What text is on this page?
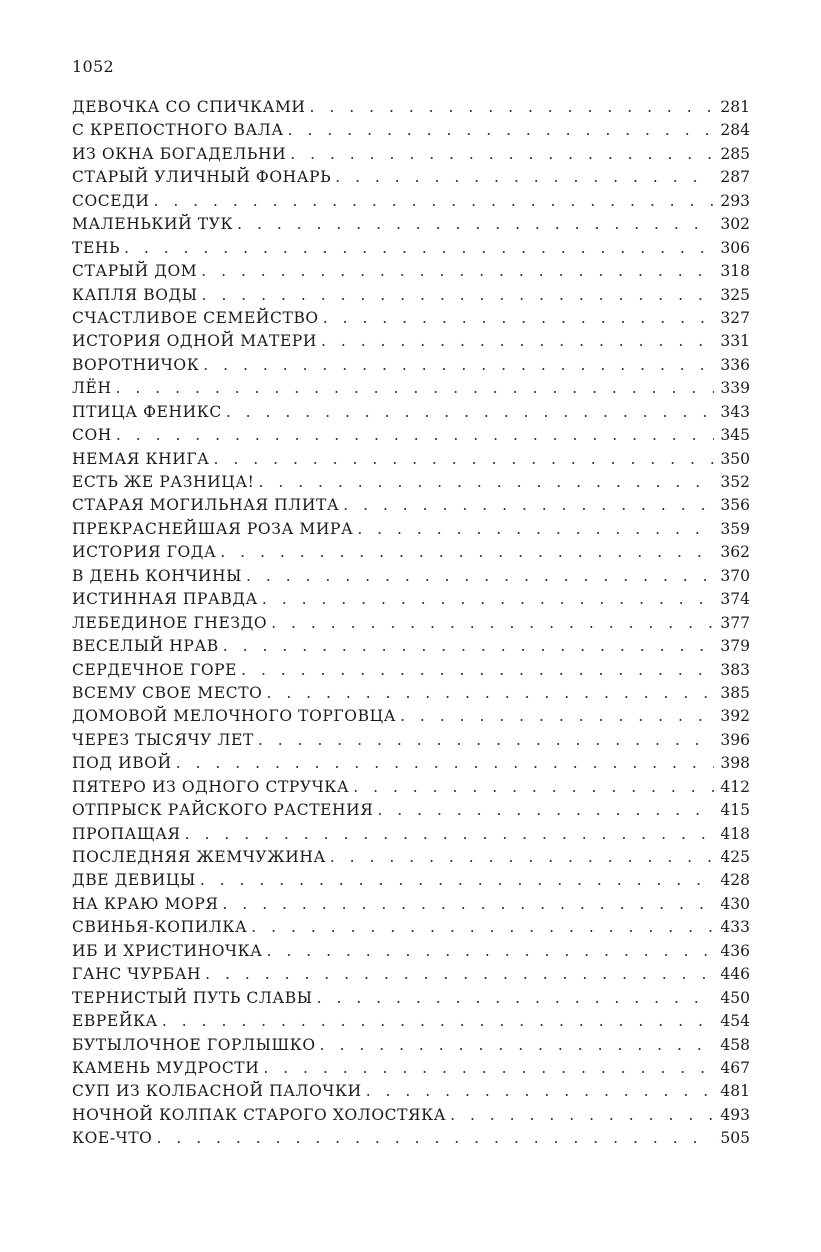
1052
ДЕВОЧКА СО СПИЧКАМИ . . .	281
С КРЕПОСТНОГО ВАЛА . . .	284
ИЗ ОКНА БОГАДЕЛЬНИ . . .	285
СТАРЫЙ УЛИЧНЫЙ ФОНАРЬ . . .	287
СОСЕДИ . . .	293
МАЛЕНЬКИЙ ТУК . . .	302
ТЕНЬ . . .	306
СТАРЫЙ ДОМ . . .	318
КАПЛЯ ВОДЫ . . .	325
СЧАСТЛИВОЕ СЕМЕЙСТВО . . .	327
ИСТОРИЯ ОДНОЙ МАТЕРИ . . .	331
ВОРОТНИЧОК . . .	336
ЛЁН . . .	339
ПТИЦА ФЕНИКС . . .	343
СОН . . .	345
НЕМАЯ КНИГА . . .	350
ЕСТЬ ЖЕ РАЗНИЦА! . . .	352
СТАРАЯ МОГИЛЬНАЯ ПЛИТА . . .	356
ПРЕКРАСНЕЙШАЯ РОЗА МИРА . . .	359
ИСТОРИЯ ГОДА . . .	362
В ДЕНЬ КОНЧИНЫ . . .	370
ИСТИННАЯ ПРАВДА . . .	374
ЛЕБЕДИНОЕ ГНЕЗДО . . .	377
ВЕСЕЛЫЙ НРАВ . . .	379
СЕРДЕЧНОЕ ГОРЕ . . .	383
ВСЕМУ СВОЕ МЕСТО . . .	385
ДОМОВОЙ МЕЛОЧНОГО ТОРГОВЦА . . .	392
ЧЕРЕЗ ТЫСЯЧУ ЛЕТ . . .	396
ПОД ИВОЙ . . .	398
ПЯТЕРО ИЗ ОДНОГО СТРУЧКА . . .	412
ОТПРЫСК РАЙСКОГО РАСТЕНИЯ . . .	415
ПРОПАЩАЯ . . .	418
ПОСЛЕДНЯЯ ЖЕМЧУЖИНА . . .	425
ДВЕ ДЕВИЦЫ . . .	428
НА КРАЮ МОРЯ . . .	430
СВИНЬЯ-КОПИЛКА . . .	433
ИБ И ХРИСТИНОЧКА . . .	436
ГАНС ЧУРБАН . . .	446
ТЕРНИСТЫЙ ПУТЬ СЛАВЫ . . .	450
ЕВРЕЙКА . . .	454
БУТЫЛОЧНОЕ ГОРЛЫШКО . . .	458
КАМЕНЬ МУДРОСТИ . . .	467
СУП ИЗ КОЛБАСНОЙ ПАЛОЧКИ . . .	481
НОЧНОЙ КОЛПАК СТАРОГО ХОЛОСТЯКА . . .	493
КОЕ-ЧТО . . .	505
